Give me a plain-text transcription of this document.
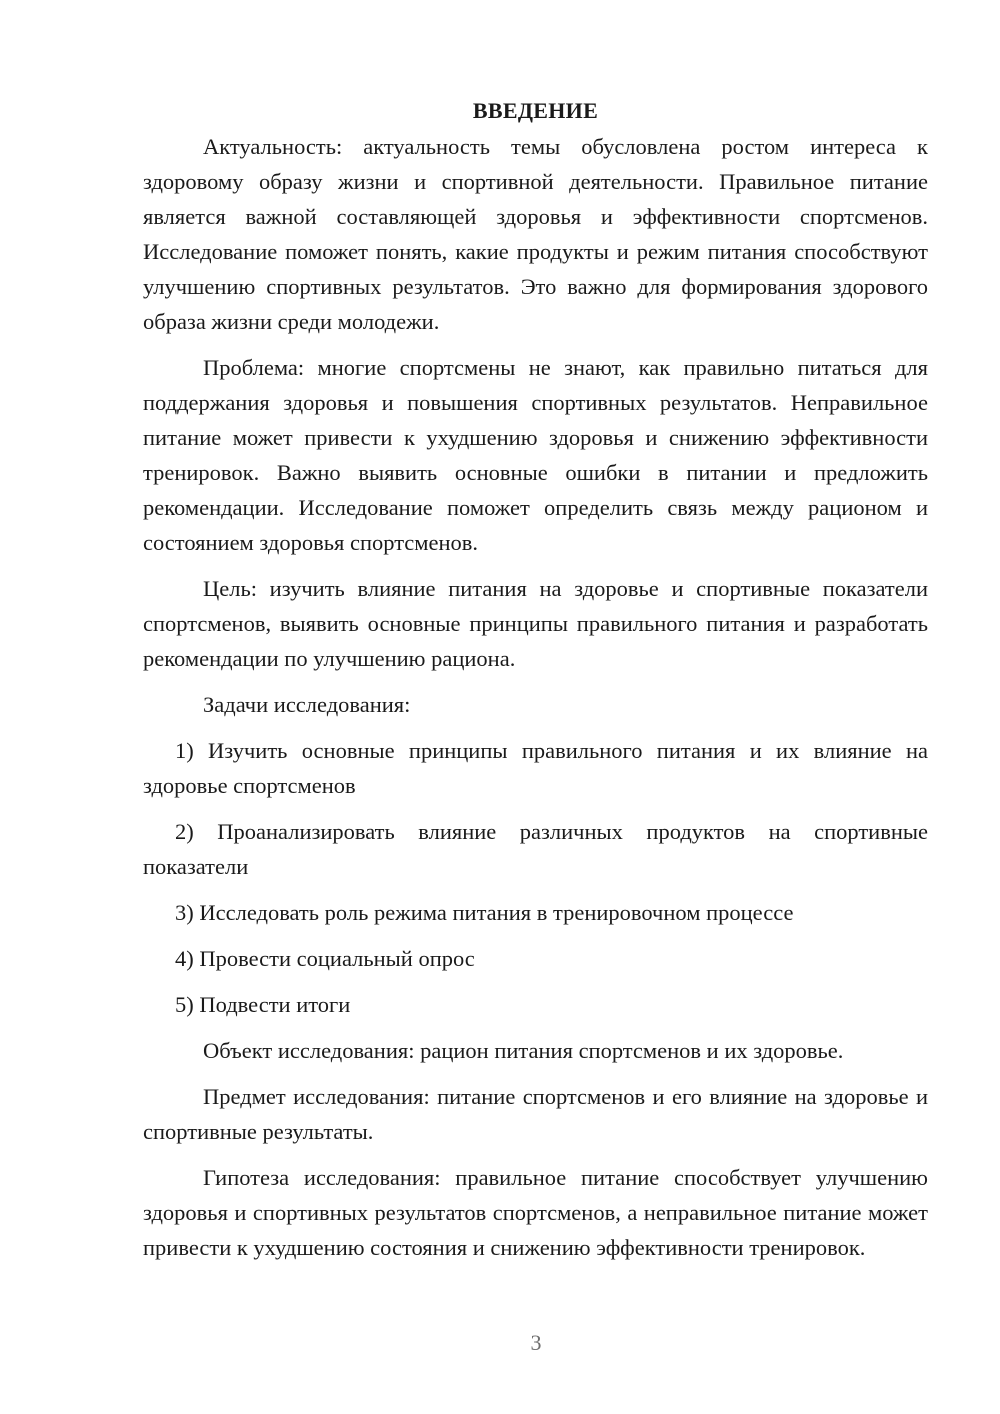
ВВЕДЕНИЕ

Актуальность: актуальность темы обусловлена ростом интереса к здоровому образу жизни и спортивной деятельности. Правильное питание является важной составляющей здоровья и эффективности спортсменов. Исследование поможет понять, какие продукты и режим питания способствуют улучшению спортивных результатов. Это важно для формирования здорового образа жизни среди молодежи.

Проблема: многие спортсмены не знают, как правильно питаться для поддержания здоровья и повышения спортивных результатов. Неправильное питание может привести к ухудшению здоровья и снижению эффективности тренировок. Важно выявить основные ошибки в питании и предложить рекомендации. Исследование поможет определить связь между рационом и состоянием здоровья спортсменов.

Цель: изучить влияние питания на здоровье и спортивные показатели спортсменов, выявить основные принципы правильного питания и разработать рекомендации по улучшению рациона.

Задачи исследования:

1) Изучить основные принципы правильного питания и их влияние на здоровье спортсменов

2) Проанализировать влияние различных продуктов на спортивные показатели

3) Исследовать роль режима питания в тренировочном процессе

4) Провести социальный опрос

5) Подвести итоги

Объект исследования: рацион питания спортсменов и их здоровье.

Предмет исследования: питание спортсменов и его влияние на здоровье и спортивные результаты.

Гипотеза исследования: правильное питание способствует улучшению здоровья и спортивных результатов спортсменов, а неправильное питание может привести к ухудшению состояния и снижению эффективности тренировок.

3
